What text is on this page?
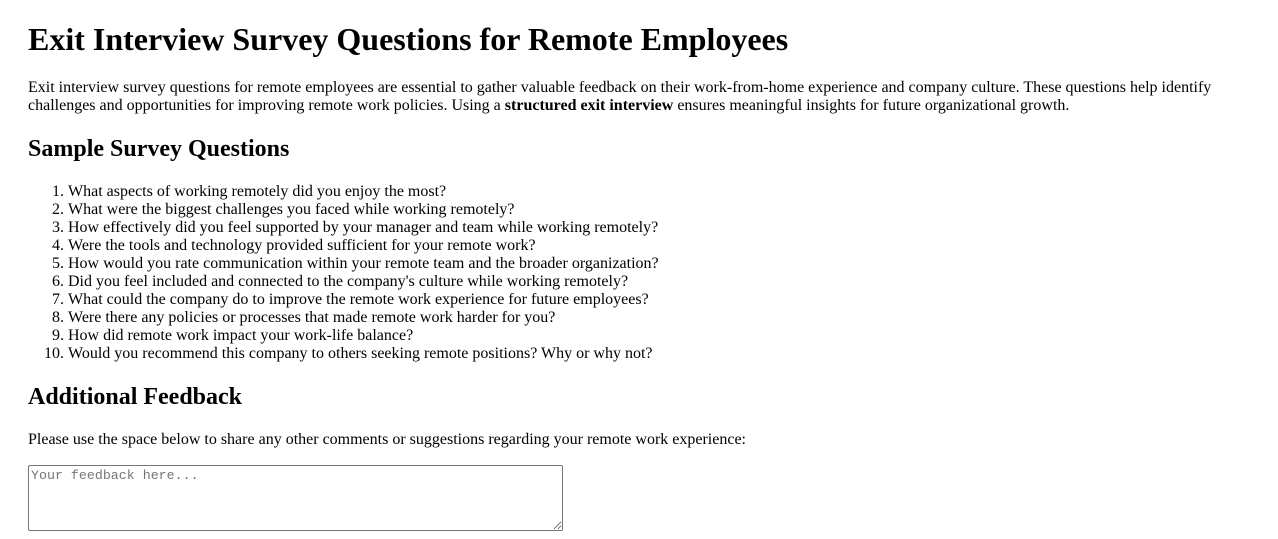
Exit Interview Survey Questions for Remote Employees

Exit interview survey questions for remote employees are essential to gather valuable feedback on their work-from-home experience and company culture. These questions help identify challenges and opportunities for improving remote work policies. Using a structured exit interview ensures meaningful insights for future organizational growth.

Sample Survey Questions
1. What aspects of working remotely did you enjoy the most?
2. What were the biggest challenges you faced while working remotely?
3. How effectively did you feel supported by your manager and team while working remotely?
4. Were the tools and technology provided sufficient for your remote work?
5. How would you rate communication within your remote team and the broader organization?
6. Did you feel included and connected to the company's culture while working remotely?
7. What could the company do to improve the remote work experience for future employees?
8. Were there any policies or processes that made remote work harder for you?
9. How did remote work impact your work-life balance?
10. Would you recommend this company to others seeking remote positions? Why or why not?
Additional Feedback

Please use the space below to share any other comments or suggestions regarding your remote work experience:

Your feedback here...
